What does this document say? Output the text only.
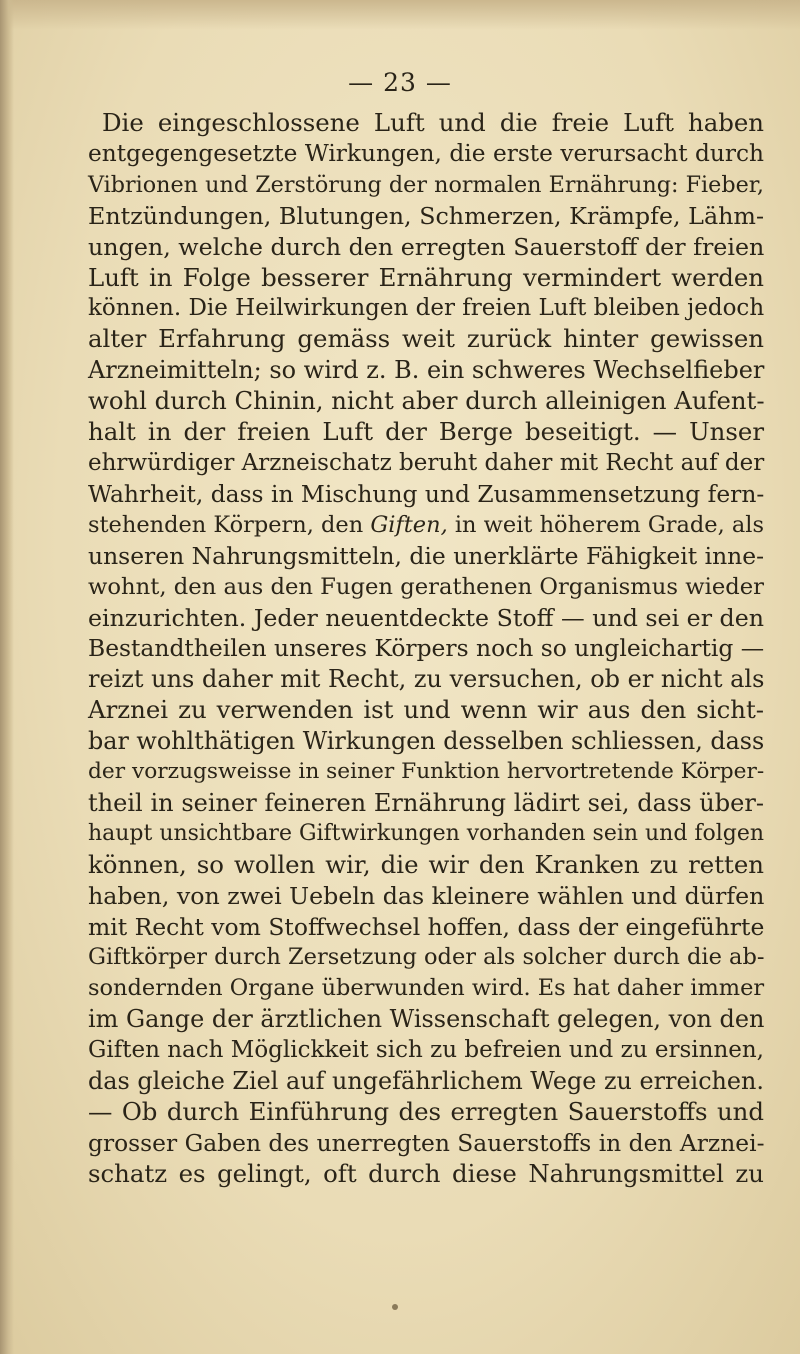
— 23 —

Die eingeschlossene Luft und die freie Luft haben
entgegengesetzte Wirkungen, die erste verursacht durch
Vibrionen und Zerstörung der normalen Ernährung: Fieber,
Entzündungen, Blutungen, Schmerzen, Krämpfe, Lähm-
ungen, welche durch den erregten Sauerstoff der freien
Luft in Folge besserer Ernährung vermindert werden
können. Die Heilwirkungen der freien Luft bleiben jedoch
alter Erfahrung gemäss weit zurück hinter gewissen
Arzneimitteln; so wird z. B. ein schweres Wechselfieber
wohl durch Chinin, nicht aber durch alleinigen Aufent-
halt in der freien Luft der Berge beseitigt. — Unser
ehrwürdiger Arzneischatz beruht daher mit Recht auf der
Wahrheit, dass in Mischung und Zusammensetzung fern-
stehenden Körpern, den Giften, in weit höherem Grade, als
unseren Nahrungsmitteln, die unerklärte Fähigkeit inne-
wohnt, den aus den Fugen gerathenen Organismus wieder
einzurichten. Jeder neuentdeckte Stoff — und sei er den
Bestandtheilen unseres Körpers noch so ungleichartig —
reizt uns daher mit Recht, zu versuchen, ob er nicht als
Arznei zu verwenden ist und wenn wir aus den sicht-
bar wohlthätigen Wirkungen desselben schliessen, dass
der vorzugsweisse in seiner Funktion hervortretende Körper-
theil in seiner feineren Ernährung lädirt sei, dass über-
haupt unsichtbare Giftwirkungen vorhanden sein und folgen
können, so wollen wir, die wir den Kranken zu retten
haben, von zwei Uebeln das kleinere wählen und dürfen
mit Recht vom Stoffwechsel hoffen, dass der eingeführte
Giftkörper durch Zersetzung oder als solcher durch die ab-
sondernden Organe überwunden wird. Es hat daher immer
im Gange der ärztlichen Wissenschaft gelegen, von den
Giften nach Möglickkeit sich zu befreien und zu ersinnen,
das gleiche Ziel auf ungefährlichem Wege zu erreichen.
— Ob durch Einführung des erregten Sauerstoffs und
grosser Gaben des unerregten Sauerstoffs in den Arznei-
schatz es gelingt, oft durch diese Nahrungsmittel zu
